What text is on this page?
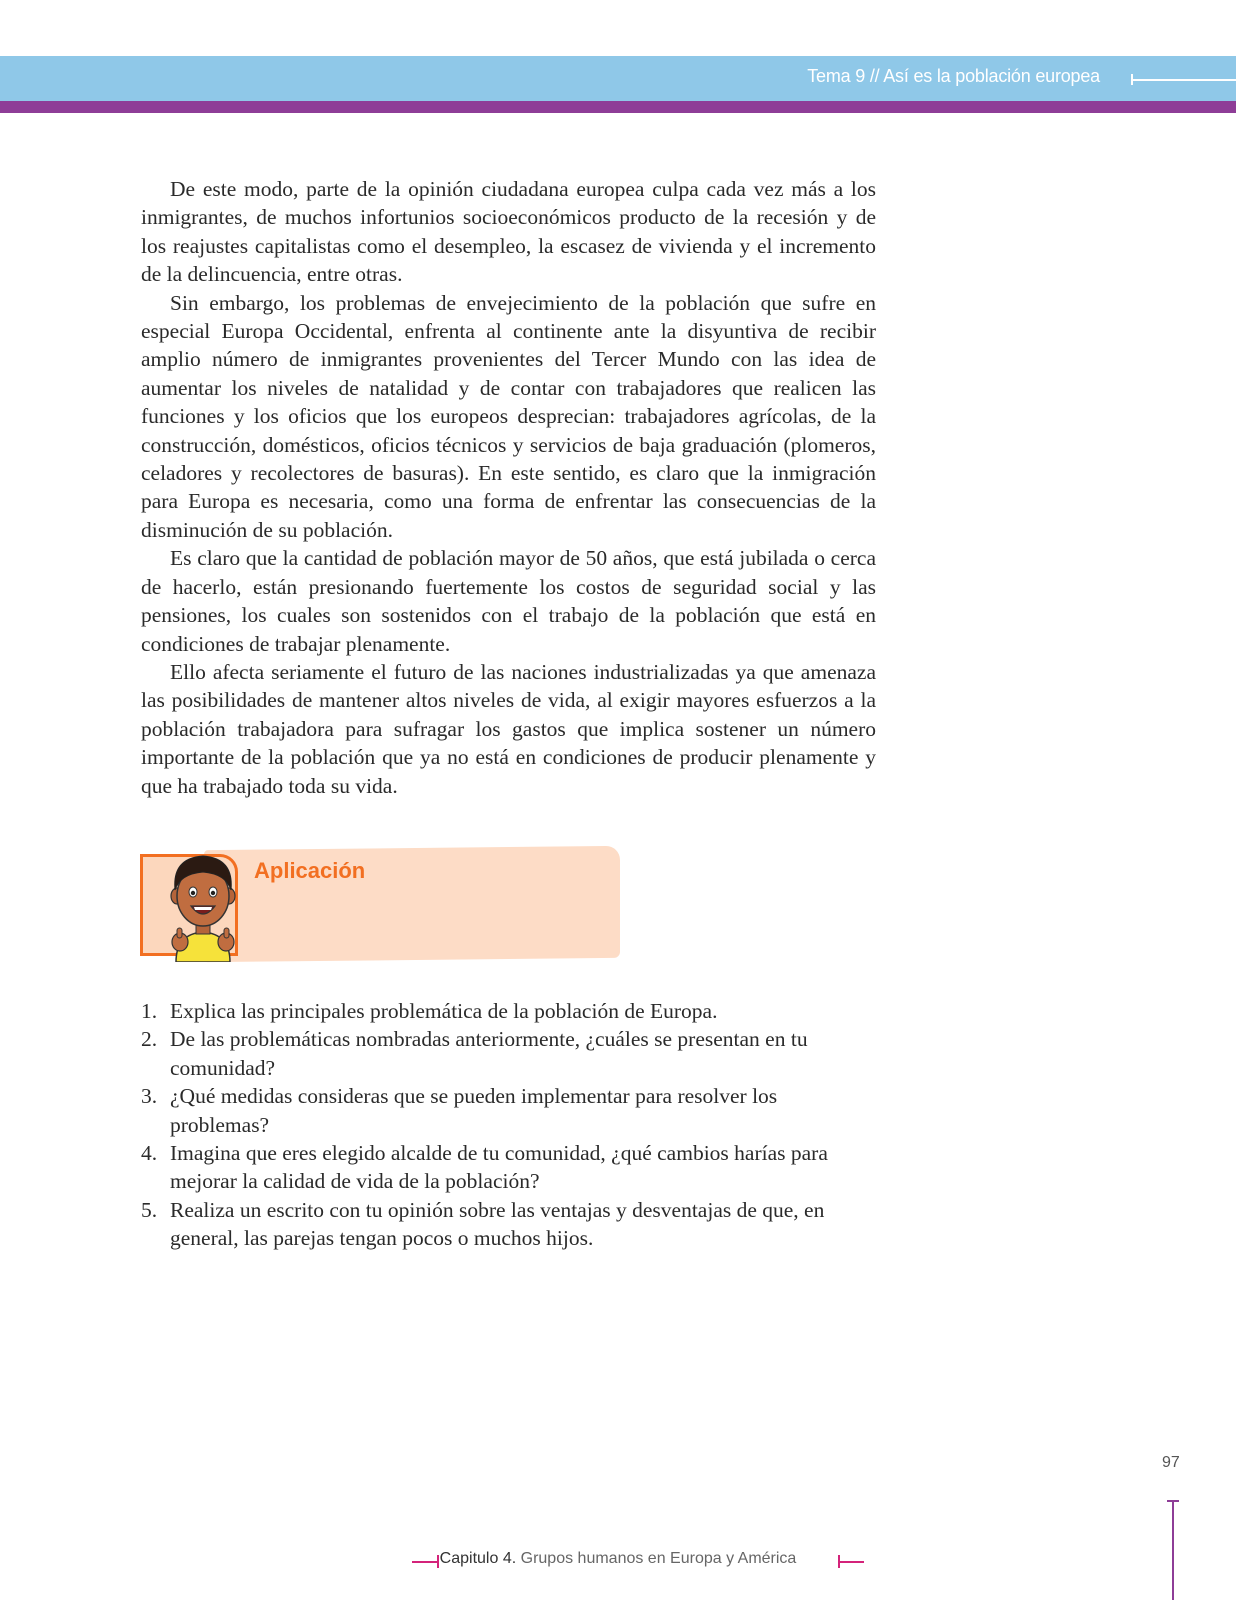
Tema 9 // Así es la población europea

De este modo, parte de la opinión ciudadana europea culpa cada vez más a los inmigrantes, de muchos infortunios socioeconómicos producto de la recesión y de los reajustes capitalistas como el desempleo, la escasez de vivienda y el incremento de la delincuencia, entre otras.

Sin embargo, los problemas de envejecimiento de la población que sufre en especial Europa Occidental, enfrenta al continente ante la disyuntiva de recibir amplio número de inmigrantes provenientes del Tercer Mundo con las idea de aumentar los niveles de natalidad y de contar con trabajadores que realicen las funciones y los oficios que los europeos desprecian: trabajadores agrícolas, de la construcción, domésticos, oficios técnicos y servicios de baja graduación (plomeros, celadores y recolectores de basuras). En este sentido, es claro que la inmigración para Europa es necesaria, como una forma de enfrentar las consecuencias de la disminución de su población.

Es claro que la cantidad de población mayor de 50 años, que está jubilada o cerca de hacerlo, están presionando fuertemente los costos de seguridad social y las pensiones, los cuales son sostenidos con el trabajo de la población que está en condiciones de trabajar plenamente.

Ello afecta seriamente el futuro de las naciones industrializadas ya que amenaza las posibilidades de mantener altos niveles de vida, al exigir mayores esfuerzos a la población trabajadora para sufragar los gastos que implica sostener un número importante de la población que ya no está en condiciones de producir plenamente y que ha trabajado toda su vida.

Aplicación
1. Explica las principales problemática de la población de Europa.
2. De las problemáticas nombradas anteriormente, ¿cuáles se presentan en tu comunidad?
3. ¿Qué medidas consideras que se pueden implementar para resolver los problemas?
4. Imagina que eres elegido alcalde de tu comunidad, ¿qué cambios harías para mejorar la calidad de vida de la población?
5. Realiza un escrito con tu opinión sobre las ventajas y desventajas de que, en general, las parejas tengan pocos o muchos hijos.
97
Capitulo 4. Grupos humanos en Europa y América
